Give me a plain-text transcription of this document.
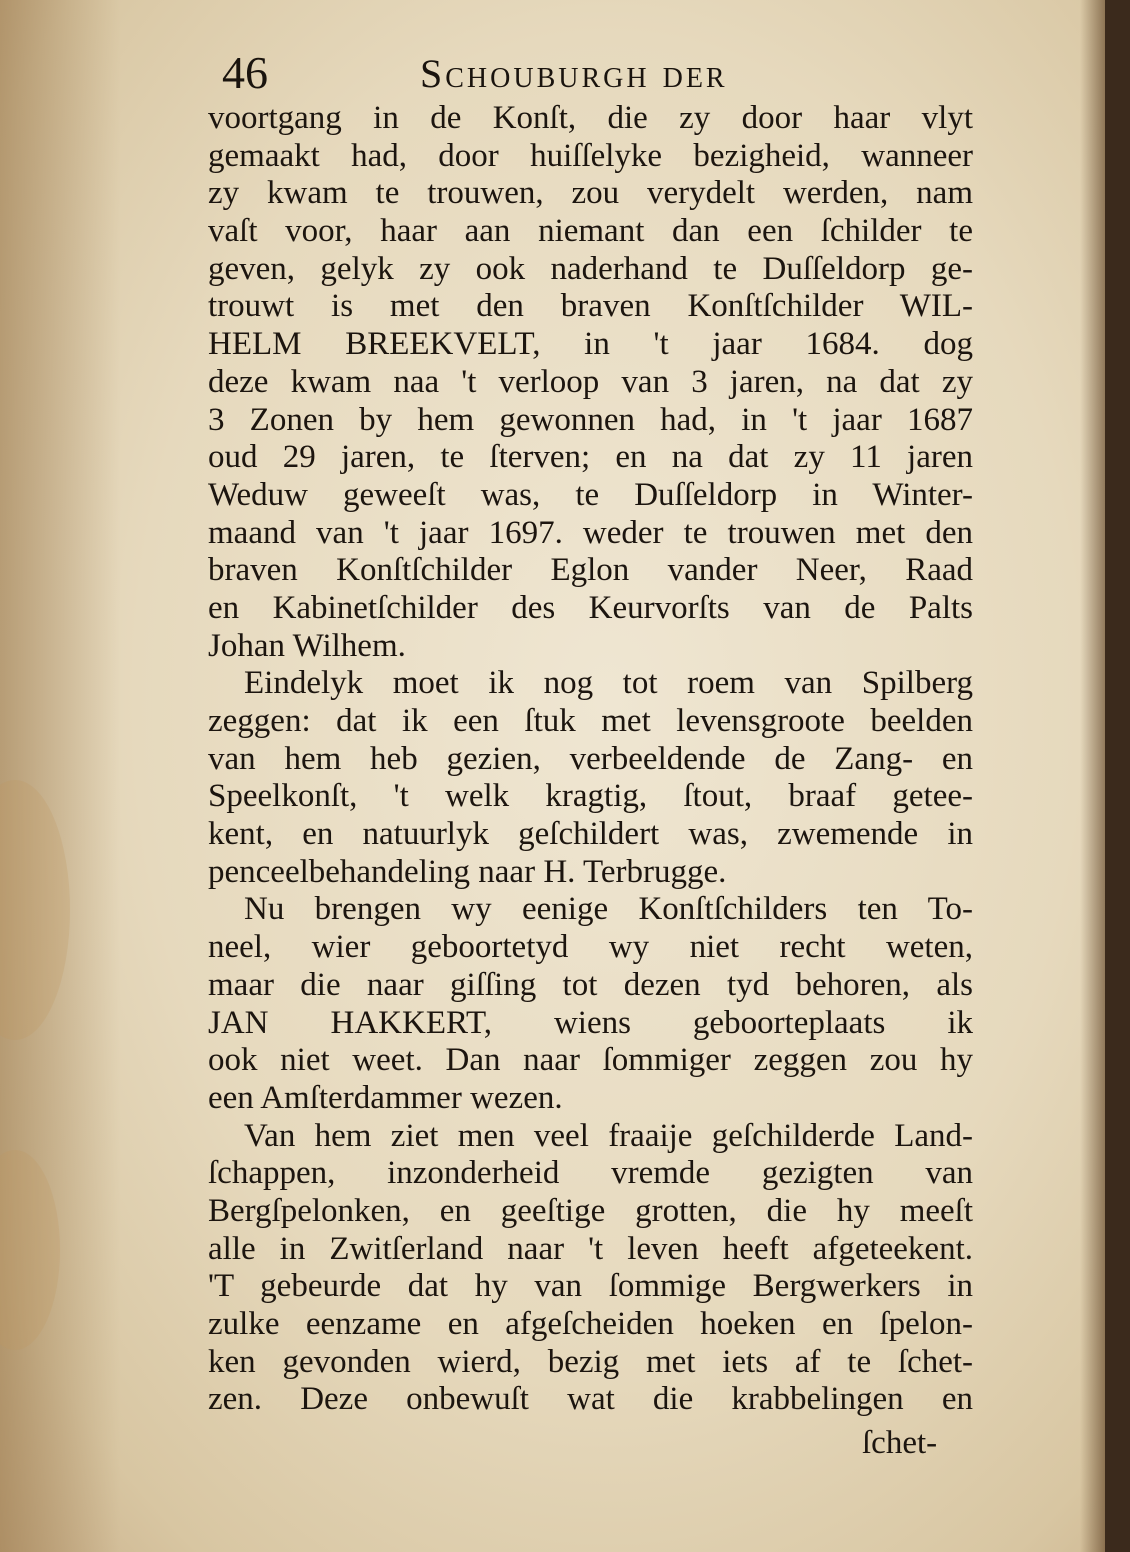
46	Schouburgh der
voortgang in de Konſt, die zy door haar vlyt
gemaakt had, door huiſſelyke bezigheid, wanneer
zy kwam te trouwen, zou verydelt werden, nam
vaſt voor, haar aan niemant dan een ſchilder te
geven, gelyk zy ook naderhand te Duſſeldorp ge-
trouwt is met den braven Konſtſchilder WIL-
HELM BREEKVELT, in 't jaar 1684. dog
deze kwam naa 't verloop van 3 jaren, na dat zy
3 Zonen by hem gewonnen had, in 't jaar 1687
oud 29 jaren, te ſterven; en na dat zy 11 jaren
Weduw geweeſt was, te Duſſeldorp in Winter-
maand van 't jaar 1697. weder te trouwen met den
braven Konſtſchilder Eglon vander Neer, Raad
en Kabinetſchilder des Keurvorſts van de Palts
Johan Wilhem.
Eindelyk moet ik nog tot roem van Spilberg
zeggen: dat ik een ſtuk met levensgroote beelden
van hem heb gezien, verbeeldende de Zang- en
Speelkonſt, 't welk kragtig, ſtout, braaf getee-
kent, en natuurlyk geſchildert was, zwemende in
penceelbehandeling naar H. Terbrugge.
Nu brengen wy eenige Konſtſchilders ten To-
neel, wier geboortetyd wy niet recht weten,
maar die naar giſſing tot dezen tyd behoren, als
JAN HAKKERT, wiens geboorteplaats ik
ook niet weet. Dan naar ſommiger zeggen zou hy
een Amſterdammer wezen.
Van hem ziet men veel fraaije geſchilderde Land-
ſchappen, inzonderheid vremde gezigten van
Bergſpelonken, en geeſtige grotten, die hy meeſt
alle in Zwitſerland naar 't leven heeft afgeteekent.
'T gebeurde dat hy van ſommige Bergwerkers in
zulke eenzame en afgeſcheiden hoeken en ſpelon-
ken gevonden wierd, bezig met iets af te ſchet-
zen. Deze onbewuſt wat die krabbelingen en
ſchet-
